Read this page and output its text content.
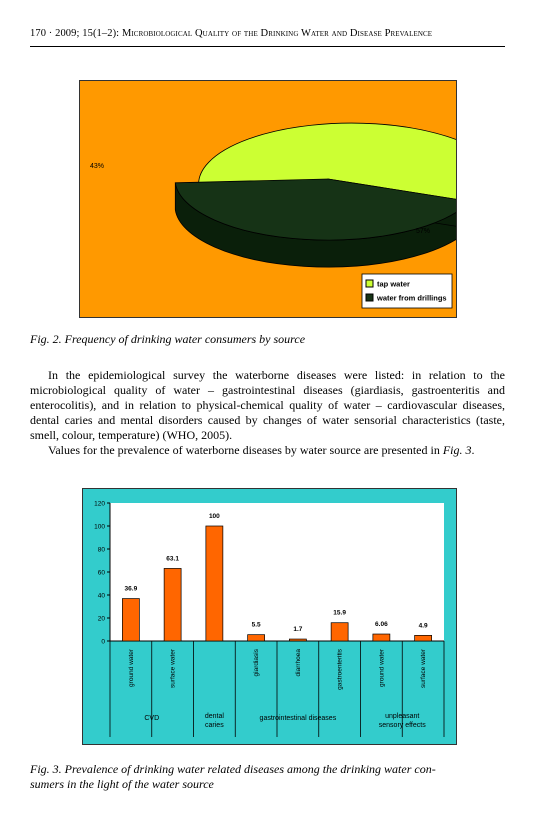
170 · 2009; 15(1–2): Microbiological Quality of the Drinking Water and Disease Prevalence
57%
43%
tap water
water from drillings
Fig. 2. Frequency of drinking water consumers by source

In the epidemiological survey the waterborne diseases were listed: in relation to the microbiological quality of water – gastrointestinal diseases (giardiasis, gastroenteritis and enterocolitis), and in relation to physical-chemical quality of water – cardiovascular diseases, dental caries and mental disorders caused by changes of water sensorial characteristics (taste, smell, colour, temperature) (WHO, 2005).

Values for the prevalence of waterborne diseases by water source are presented in Fig. 3.

0
20
40
60
80
100
120
36.9
ground water
63.1
surface water
100
5.5
giardiasis
1.7
diarrhoea
15.9
gastroenteritis
6.06
ground water
4.9
surface water
CVD	dental caries
gastrointestinal diseases	unpleasant sensory effects
Fig. 3. Prevalence of drinking water related diseases among the drinking water con-
sumers in the light of the water source
